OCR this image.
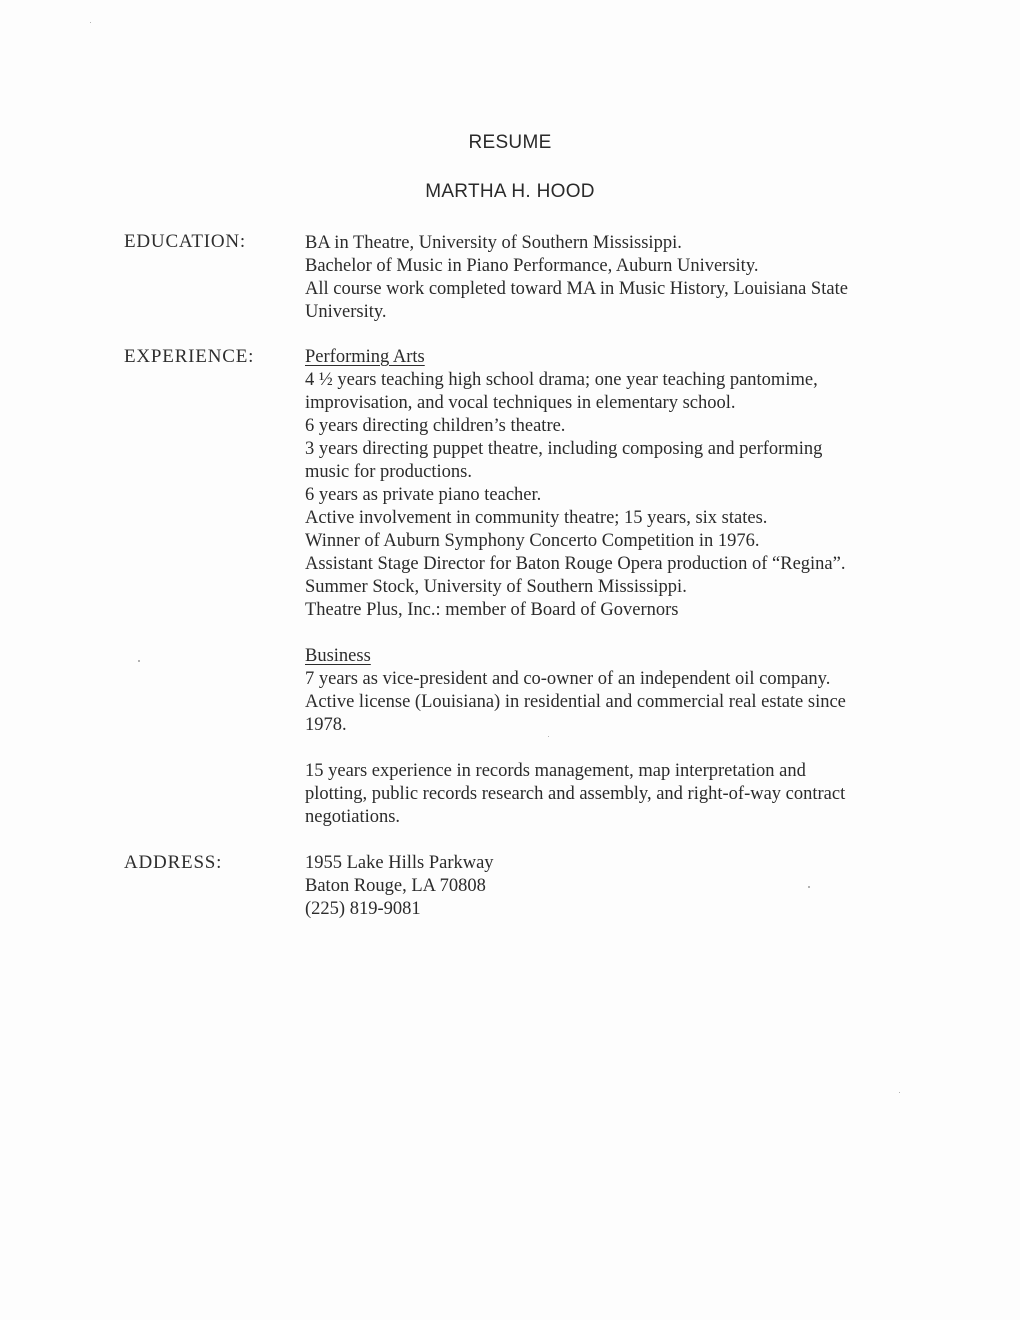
RESUME
MARTHA H. HOOD
EDUCATION:	BA in Theatre, University of Southern Mississippi.
Bachelor of Music in Piano Performance, Auburn University.
All course work completed toward MA in Music History, Louisiana State
University.
EXPERIENCE:	Performing Arts
4 ½ years teaching high school drama; one year teaching pantomime,
improvisation, and vocal techniques in elementary school.
6 years directing children’s theatre.
3 years directing puppet theatre, including composing and performing
music for productions.
6 years as private piano teacher.
Active involvement in community theatre; 15 years, six states.
Winner of Auburn Symphony Concerto Competition in 1976.
Assistant Stage Director for Baton Rouge Opera production of “Regina”.
Summer Stock, University of Southern Mississippi.
Theatre Plus, Inc.: member of Board of Governors
Business
7 years as vice-president and co-owner of an independent oil company.
Active license (Louisiana) in residential and commercial real estate since
1978.
15 years experience in records management, map interpretation and
plotting, public records research and assembly, and right-of-way contract
negotiations.
ADDRESS:	1955 Lake Hills Parkway
Baton Rouge, LA 70808
(225) 819-9081
